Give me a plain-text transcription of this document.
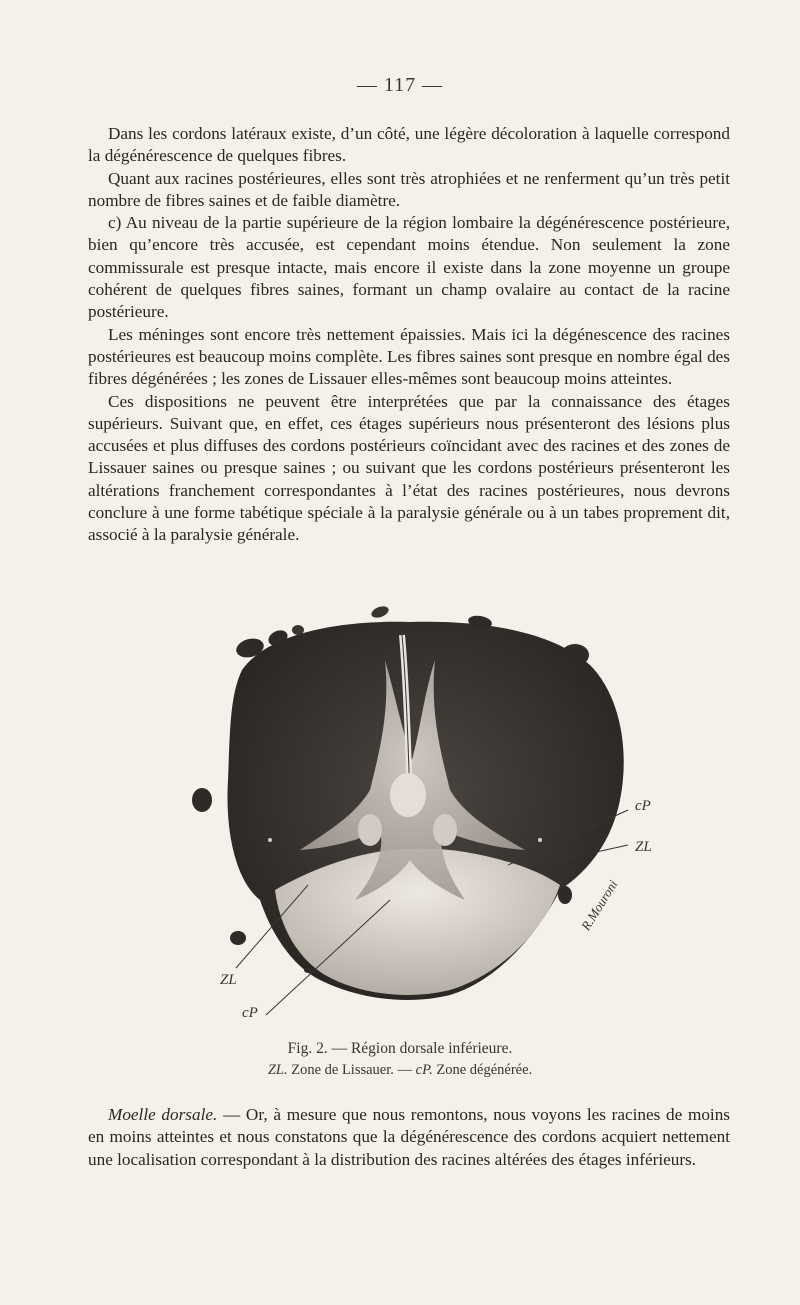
— 117 —

Dans les cordons latéraux existe, d’un côté, une légère décoloration à laquelle correspond la dégénérescence de quelques fibres.

Quant aux racines postérieures, elles sont très atrophiées et ne renferment qu’un très petit nombre de fibres saines et de faible diamètre.

c) Au niveau de la partie supérieure de la région lombaire la dégénérescence postérieure, bien qu’encore très accusée, est cependant moins étendue. Non seulement la zone commissurale est presque intacte, mais encore il existe dans la zone moyenne un groupe cohérent de quelques fibres saines, formant un champ ovalaire au contact de la racine postérieure.

Les méninges sont encore très nettement épaissies. Mais ici la dégénescence des racines postérieures est beaucoup moins complète. Les fibres saines sont presque en nombre égal des fibres dégénérées ; les zones de Lissauer elles-mêmes sont beaucoup moins atteintes.

Ces dispositions ne peuvent être interprétées que par la connaissance des étages supérieurs. Suivant que, en effet, ces étages supérieurs nous présenteront des lésions plus accusées et plus diffuses des cordons postérieurs coïncidant avec des racines et des zones de Lissauer saines ou presque saines ; ou suivant que les cordons postérieurs présenteront les altérations franchement correspondantes à l’état des racines postérieures, nous devrons conclure à une forme tabétique spéciale à la paralysie générale ou à un tabes proprement dit, associé à la paralysie générale.

cP
ZL
ZL
cP
R.Mouroni
Fig. 2. — Région dorsale inférieure.
ZL. Zone de Lissauer. — cP. Zone dégénérée.

Moelle dorsale. — Or, à mesure que nous remontons, nous voyons les racines de moins en moins atteintes et nous constatons que la dégénérescence des cordons acquiert nettement une localisation correspondant à la distribution des racines altérées des étages inférieurs.
